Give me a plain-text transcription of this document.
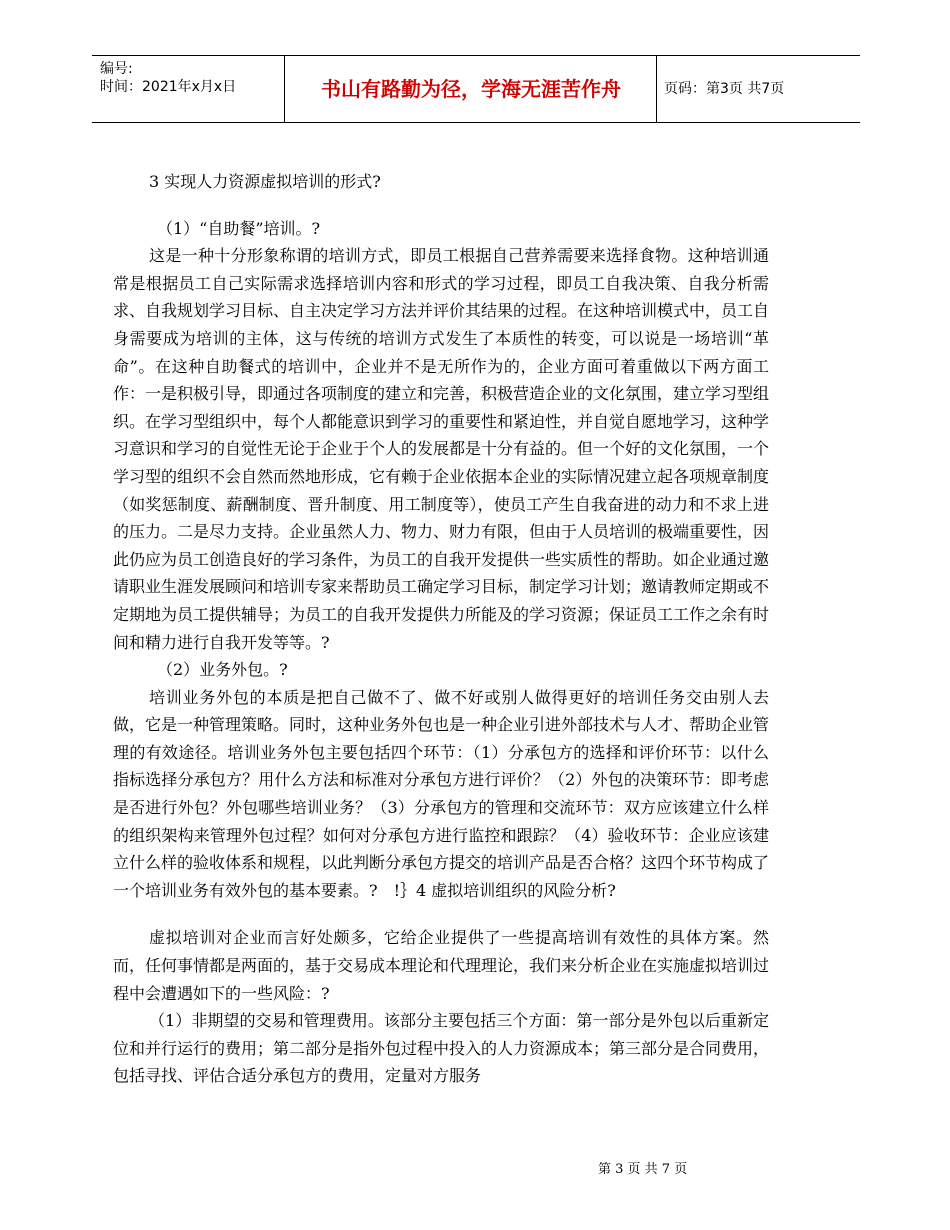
编号:
时间：2021年x月x日	书山有路勤为径，学海无涯苦作舟	页码：第3页 共7页

3 实现人力资源虚拟培训的形式?

（1）“自助餐”培训。?

这是一种十分形象称谓的培训方式，即员工根据自己营养需要来选择食物。这种培训通常是根据员工自己实际需求选择培训内容和形式的学习过程，即员工自我决策、自我分析需求、自我规划学习目标、自主决定学习方法并评价其结果的过程。在这种培训模式中，员工自身需要成为培训的主体，这与传统的培训方式发生了本质性的转变，可以说是一场培训“革命”。在这种自助餐式的培训中，企业并不是无所作为的，企业方面可着重做以下两方面工作：一是积极引导，即通过各项制度的建立和完善，积极营造企业的文化氛围，建立学习型组织。在学习型组织中，每个人都能意识到学习的重要性和紧迫性，并自觉自愿地学习，这种学习意识和学习的自觉性无论于企业于个人的发展都是十分有益的。但一个好的文化氛围，一个学习型的组织不会自然而然地形成，它有赖于企业依据本企业的实际情况建立起各项规章制度（如奖惩制度、薪酬制度、晋升制度、用工制度等），使员工产生自我奋进的动力和不求上进的压力。二是尽力支持。企业虽然人力、物力、财力有限，但由于人员培训的极端重要性，因此仍应为员工创造良好的学习条件，为员工的自我开发提供一些实质性的帮助。如企业通过邀请职业生涯发展顾问和培训专家来帮助员工确定学习目标，制定学习计划；邀请教师定期或不定期地为员工提供辅导；为员工的自我开发提供力所能及的学习资源；保证员工工作之余有时间和精力进行自我开发等等。?

（2）业务外包。?

培训业务外包的本质是把自己做不了、做不好或别人做得更好的培训任务交由别人去做，它是一种管理策略。同时，这种业务外包也是一种企业引进外部技术与人才、帮助企业管理的有效途径。培训业务外包主要包括四个环节：（1）分承包方的选择和评价环节：以什么指标选择分承包方？用什么方法和标准对分承包方进行评价？（2）外包的决策环节：即考虑是否进行外包？外包哪些培训业务？（3）分承包方的管理和交流环节：双方应该建立什么样的组织架构来管理外包过程？如何对分承包方进行监控和跟踪？（4）验收环节：企业应该建立什么样的验收体系和规程，以此判断分承包方提交的培训产品是否合格？这四个环节构成了一个培训业务有效外包的基本要素。?　!｝4 虚拟培训组织的风险分析?

虚拟培训对企业而言好处颇多，它给企业提供了一些提高培训有效性的具体方案。然而，任何事情都是两面的，基于交易成本理论和代理理论，我们来分析企业在实施虚拟培训过程中会遭遇如下的一些风险：?

（1）非期望的交易和管理费用。该部分主要包括三个方面：第一部分是外包以后重新定位和并行运行的费用；第二部分是指外包过程中投入的人力资源成本；第三部分是合同费用，包括寻找、评估合适分承包方的费用，定量对方服务

第 3 页 共 7 页
